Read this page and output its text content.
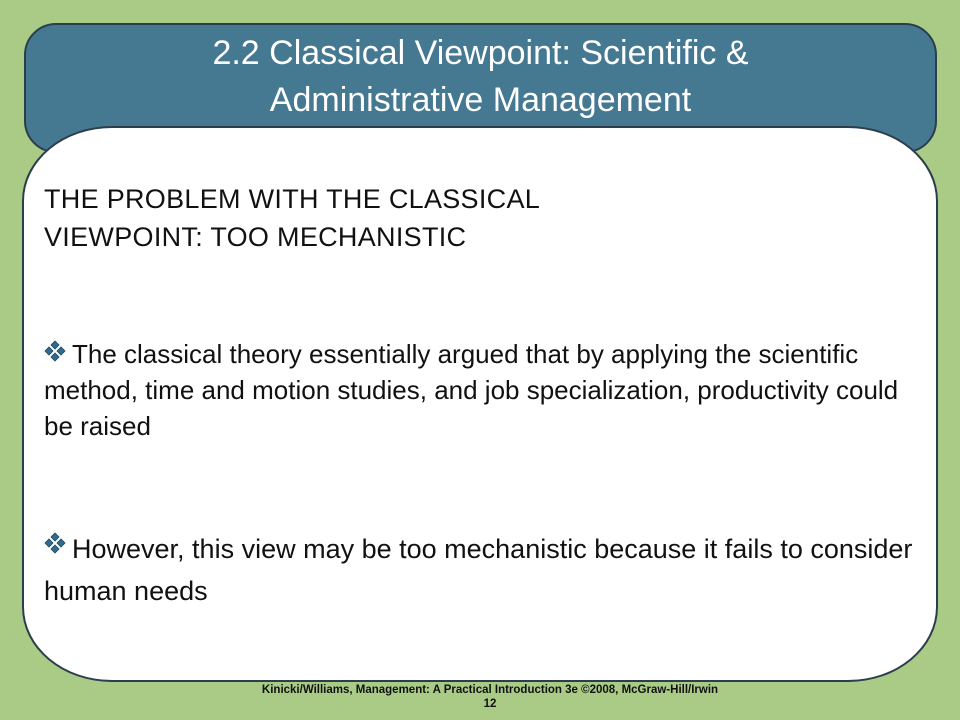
2.2 Classical Viewpoint: Scientific &
Administrative Management
THE PROBLEM WITH THE CLASSICAL
VIEWPOINT: TOO MECHANISTIC
The classical theory essentially argued that by applying the scientific method, time and motion studies, and job specialization, productivity could be raised
However, this view may be too mechanistic because it fails to consider human needs
Kinicki/Williams, Management: A Practical Introduction 3e ©2008, McGraw-Hill/Irwin
12
